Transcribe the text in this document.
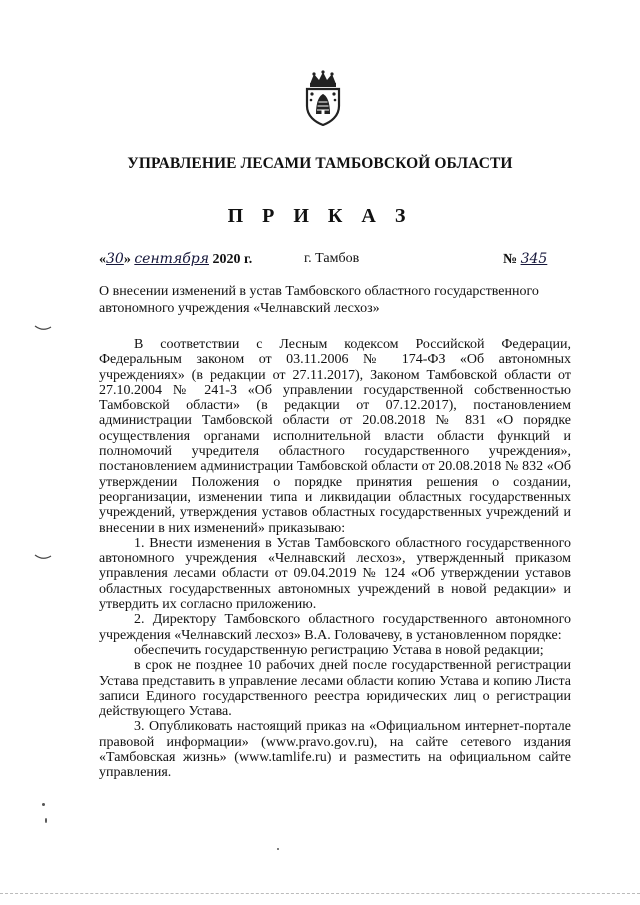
УПРАВЛЕНИЕ ЛЕСАМИ ТАМБОВСКОЙ ОБЛАСТИ
П Р И К А З
«30» сентября 2020 г.	г. Тамбов	№ 345
О внесении изменений в устав Тамбовского областного государственного автономного учреждения «Челнавский лесхоз»

В соответствии с Лесным кодексом Российской Федерации, Федеральным законом от 03.11.2006 № 174-ФЗ «Об автономных учреждениях» (в редакции от 27.11.2017), Законом Тамбовской области от 27.10.2004 № 241-З «Об управлении государственной собственностью Тамбовской области» (в редакции от 07.12.2017), постановлением администрации Тамбовской области от 20.08.2018 № 831 «О порядке осуществления органами исполнительной власти области функций и полномочий учредителя областного государственного учреждения», постановлением администрации Тамбовской области от 20.08.2018 № 832 «Об утверждении Положения о порядке принятия решения о создании, реорганизации, изменении типа и ликвидации областных государственных учреждений, утверждения уставов областных государственных учреждений и внесении в них изменений» приказываю:

1. Внести изменения в Устав Тамбовского областного государственного автономного учреждения «Челнавский лесхоз», утвержденный приказом управления лесами области от 09.04.2019 № 124 «Об утверждении уставов областных государственных автономных учреждений в новой редакции» и утвердить их согласно приложению.

2. Директору Тамбовского областного государственного автономного учреждения «Челнавский лесхоз» В.А. Головачеву, в установленном порядке:

обеспечить государственную регистрацию Устава в новой редакции;

в срок не позднее 10 рабочих дней после государственной регистрации Устава представить в управление лесами области копию Устава и копию Листа записи Единого государственного реестра юридических лиц о регистрации действующего Устава.

3. Опубликовать настоящий приказ на «Официальном интернет-портале правовой информации» (www.pravo.gov.ru), на сайте сетевого издания «Тамбовская жизнь» (www.tamlife.ru) и разместить на официальном сайте управления.
